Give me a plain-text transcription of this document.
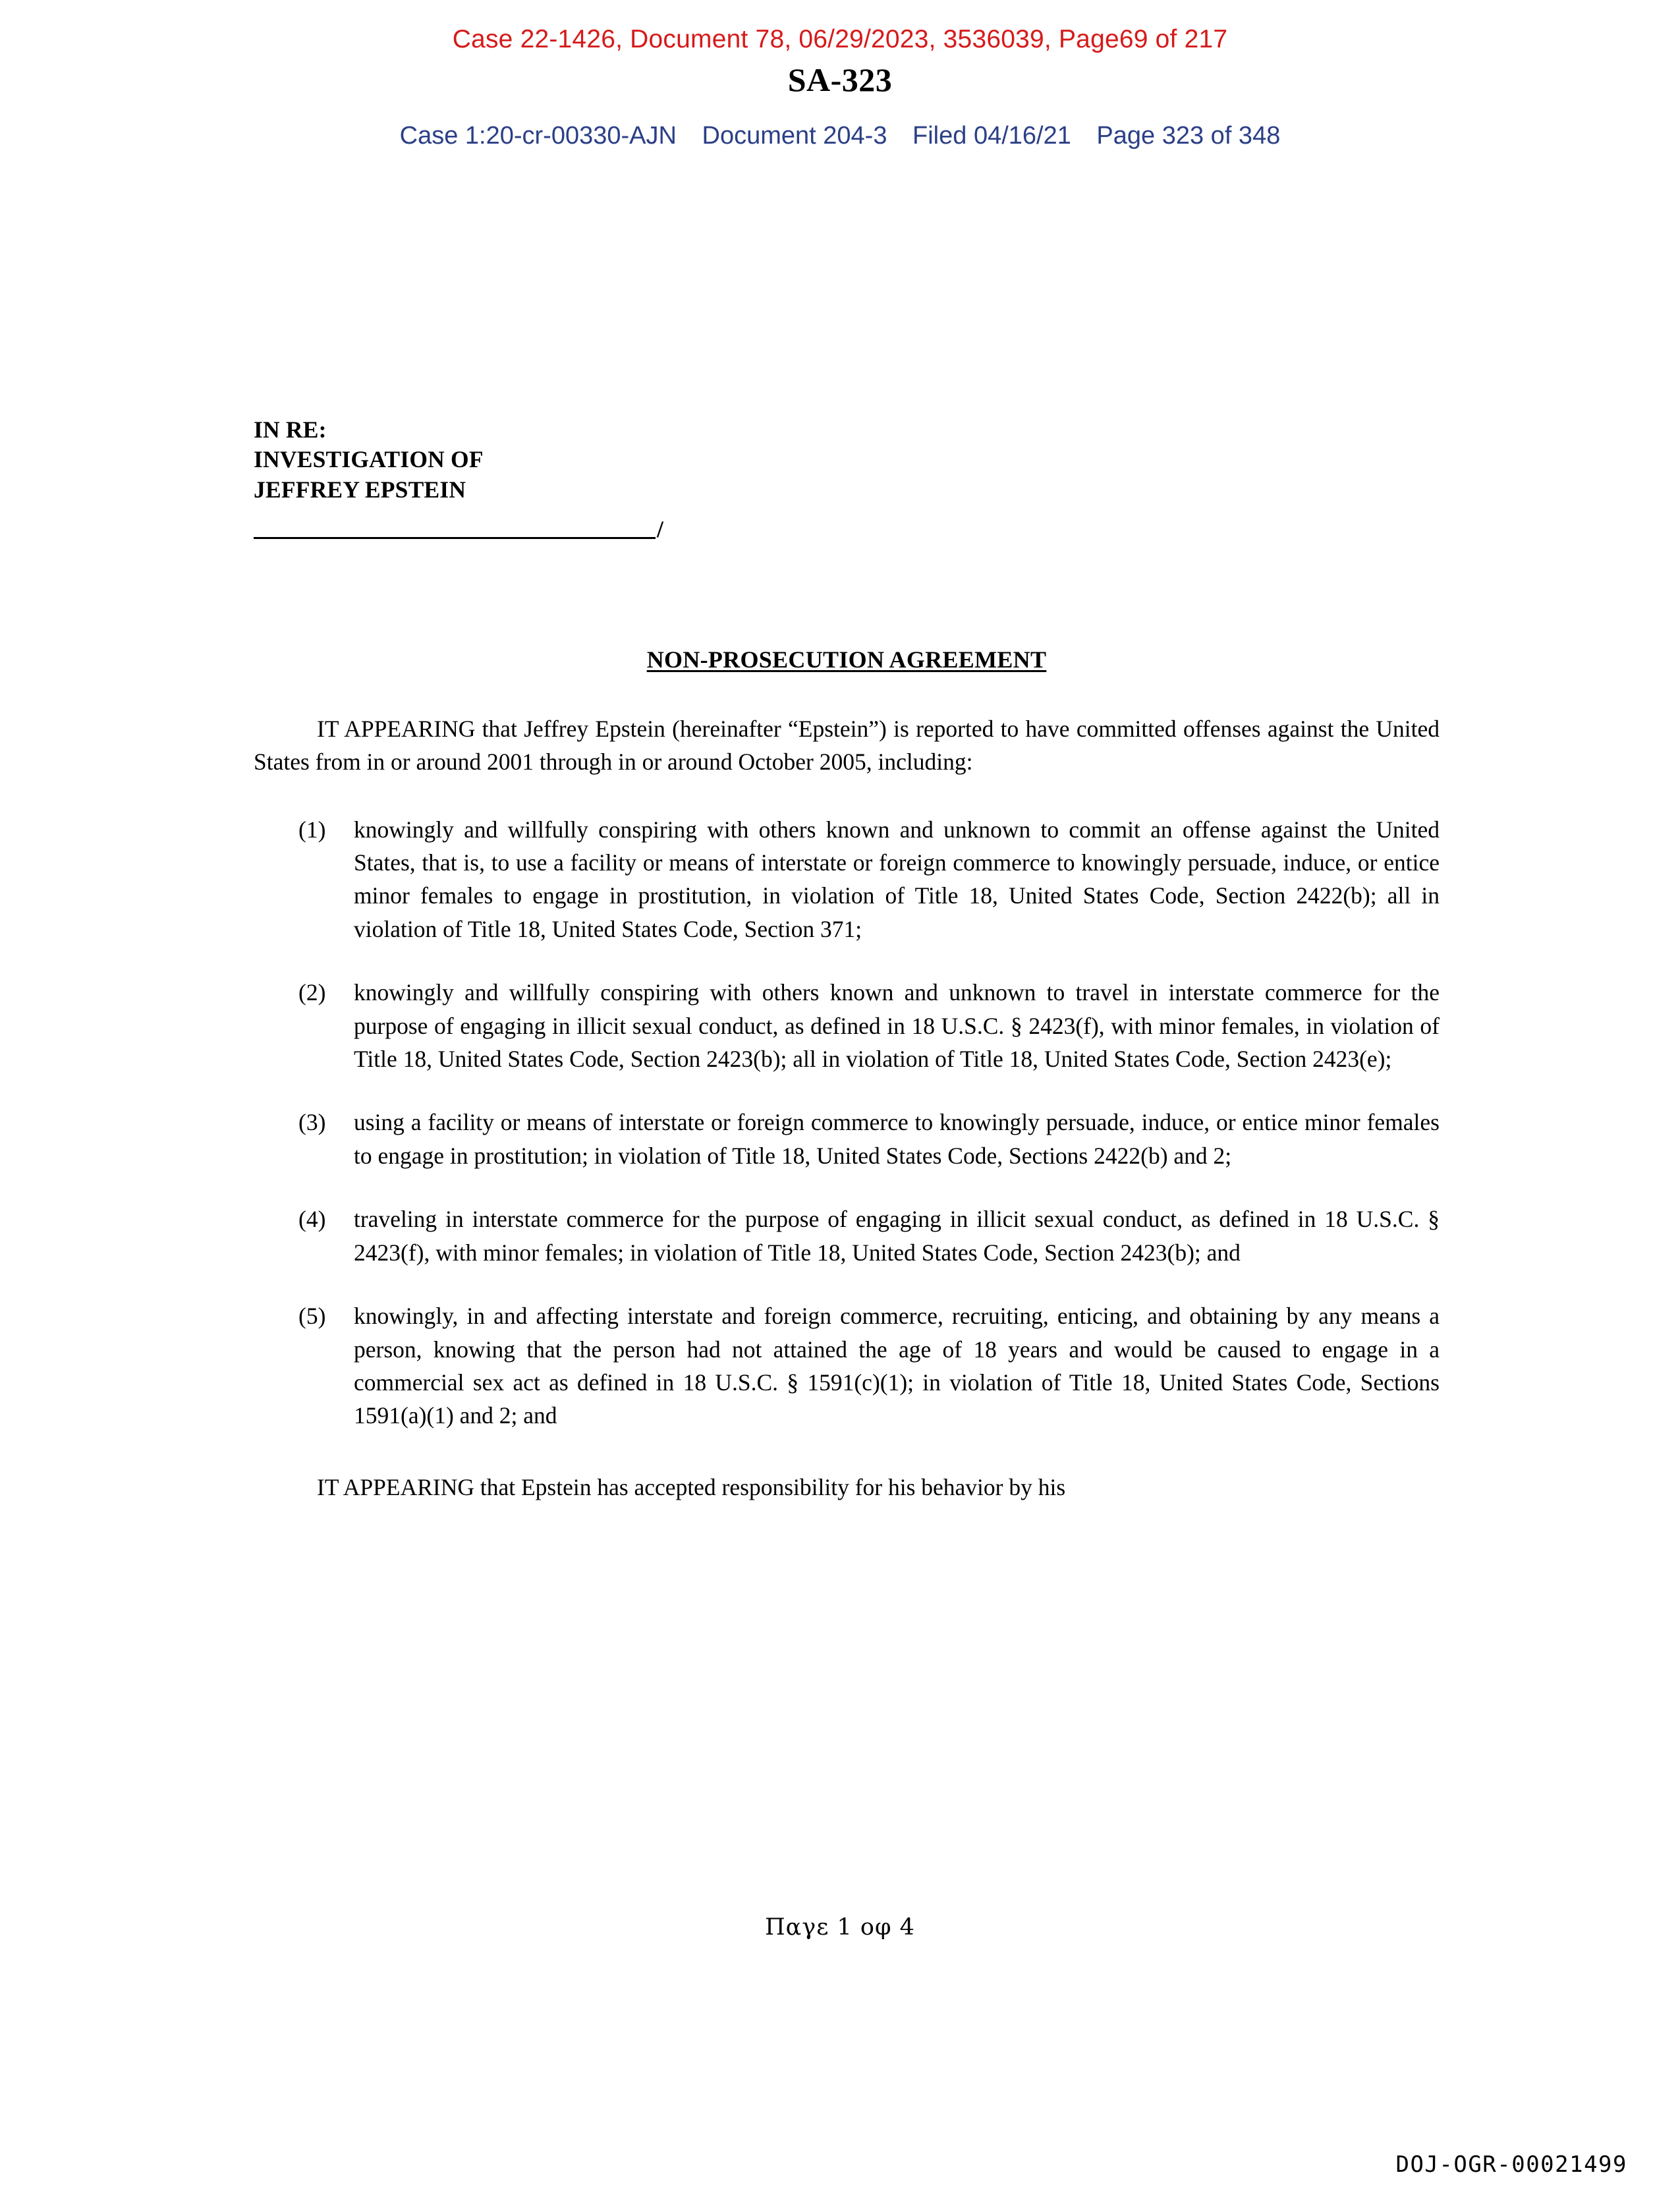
Case 22-1426, Document 78, 06/29/2023, 3536039, Page69 of 217
SA-323
Case 1:20-cr-00330-AJN Document 204-3 Filed 04/16/21 Page 323 of 348
IN RE:
INVESTIGATION OF
JEFFREY EPSTEIN
/
NON-PROSECUTION AGREEMENT
IT APPEARING that Jeffrey Epstein (hereinafter “Epstein”) is reported to have committed offenses against the United States from in or around 2001 through in or around October 2005, including:
(1)	knowingly and willfully conspiring with others known and unknown to commit an offense against the United States, that is, to use a facility or means of interstate or foreign commerce to knowingly persuade, induce, or entice minor females to engage in prostitution, in violation of Title 18, United States Code, Section 2422(b); all in violation of Title 18, United States Code, Section 371;
(2)	knowingly and willfully conspiring with others known and unknown to travel in interstate commerce for the purpose of engaging in illicit sexual conduct, as defined in 18 U.S.C. § 2423(f), with minor females, in violation of Title 18, United States Code, Section 2423(b); all in violation of Title 18, United States Code, Section 2423(e);
(3)	using a facility or means of interstate or foreign commerce to knowingly persuade, induce, or entice minor females to engage in prostitution; in violation of Title 18, United States Code, Sections 2422(b) and 2;
(4)	traveling in interstate commerce for the purpose of engaging in illicit sexual conduct, as defined in 18 U.S.C. § 2423(f), with minor females; in violation of Title 18, United States Code, Section 2423(b); and
(5)	knowingly, in and affecting interstate and foreign commerce, recruiting, enticing, and obtaining by any means a person, knowing that the person had not attained the age of 18 years and would be caused to engage in a commercial sex act as defined in 18 U.S.C. § 1591(c)(1); in violation of Title 18, United States Code, Sections 1591(a)(1) and 2; and
IT APPEARING that Epstein has accepted responsibility for his behavior by his
Παγε 1 οφ 4
DOJ-OGR-00021499
